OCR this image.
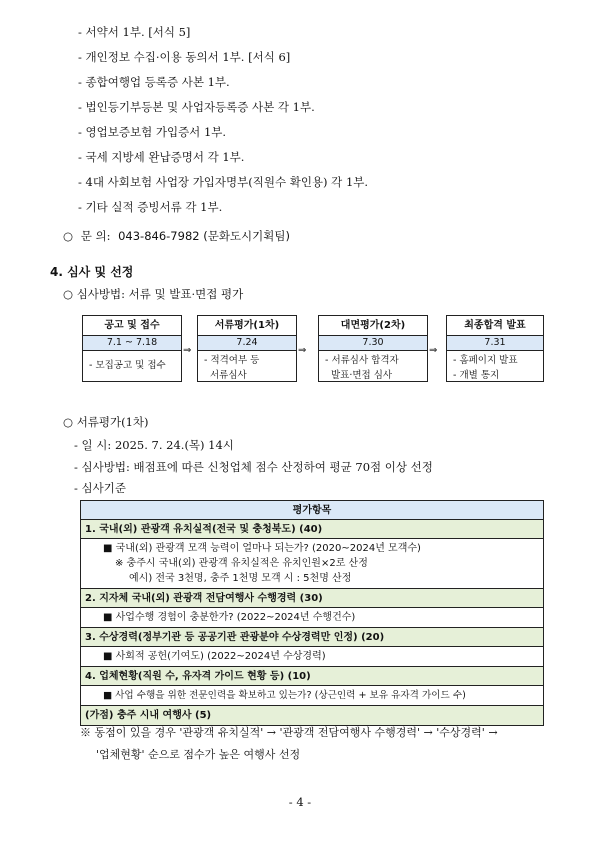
- 서약서 1부. [서식 5]
- 개인정보 수집·이용 동의서 1부. [서식 6]
- 종합여행업 등록증 사본 1부.
- 법인등기부등본 및 사업자등록증 사본 각 1부.
- 영업보증보험 가입증서 1부.
- 국세 지방세 완납증명서 각 1부.
- 4대 사회보험 사업장 가입자명부(직원수 확인용) 각 1부.
- 기타 실적 증빙서류 각 1부.
○ 문 의: 043-846-7982 (문화도시기획팀)
4. 심사 및 선정
○ 심사방법: 서류 및 발표·면접 평가
공고 및 접수
7.1 ~ 7.18
- 모집공고 및 접수
⇒
서류평가(1차)
7.24
- 적격여부 등
서류심사
⇒
대면평가(2차)
7.30
- 서류심사 합격자
발표·면접 심사
⇒
최종합격 발표
7.31
- 홈페이지 발표
- 개별 통지
○ 서류평가(1차)
- 일 시: 2025. 7. 24.(목) 14시
- 심사방법: 배점표에 따른 신청업체 점수 산정하여 평균 70점 이상 선정
- 심사기준
평가항목
1. 국내(외) 관광객 유치실적(전국 및 충청북도) (40)
■ 국내(외) 관광객 모객 능력이 얼마나 되는가? (2020~2024년 모객수)
※ 충주시 국내(외) 관광객 유치실적은 유치인원×2로 산정
예시) 전국 3천명, 충주 1천명 모객 시 : 5천명 산정
2. 지자체 국내(외) 관광객 전담여행사 수행경력 (30)
■ 사업수행 경험이 충분한가? (2022~2024년 수행건수)
3. 수상경력(정부기관 등 공공기관 관광분야 수상경력만 인정) (20)
■ 사회적 공헌(기여도) (2022~2024년 수상경력)
4. 업체현황(직원 수, 유자격 가이드 현황 등) (10)
■ 사업 수행을 위한 전문인력을 확보하고 있는가? (상근인력 + 보유 유자격 가이드 수)
(가점) 충주 시내 여행사 (5)
※ 동점이 있을 경우 '관광객 유치실적' → '관광객 전담여행사 수행경력' → '수상경력' →
'업체현황' 순으로 점수가 높은 여행사 선정
- 4 -
